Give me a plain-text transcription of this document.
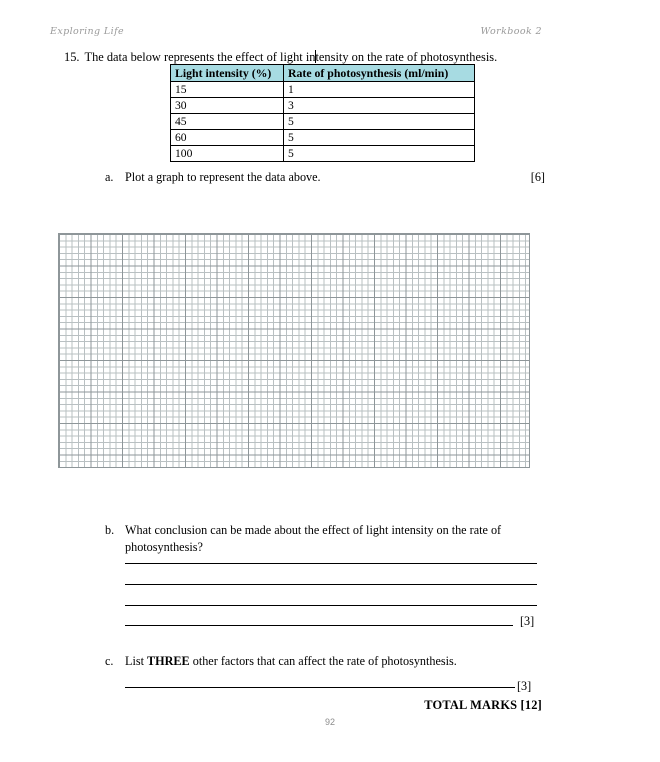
Exploring Life	Workbook 2
15. The data below represents the effect of light intensity on the rate of photosynthesis.
Light intensity (%)	Rate of photosynthesis (ml/min)
15	1
30	3
45	5
60	5
100	5
a. Plot a graph to represent the data above.	[6]
b. What conclusion can be made about the effect of light intensity on the rate of photosynthesis?
[3]
c. List THREE other factors that can affect the rate of photosynthesis.
[3]
TOTAL MARKS [12]
92
